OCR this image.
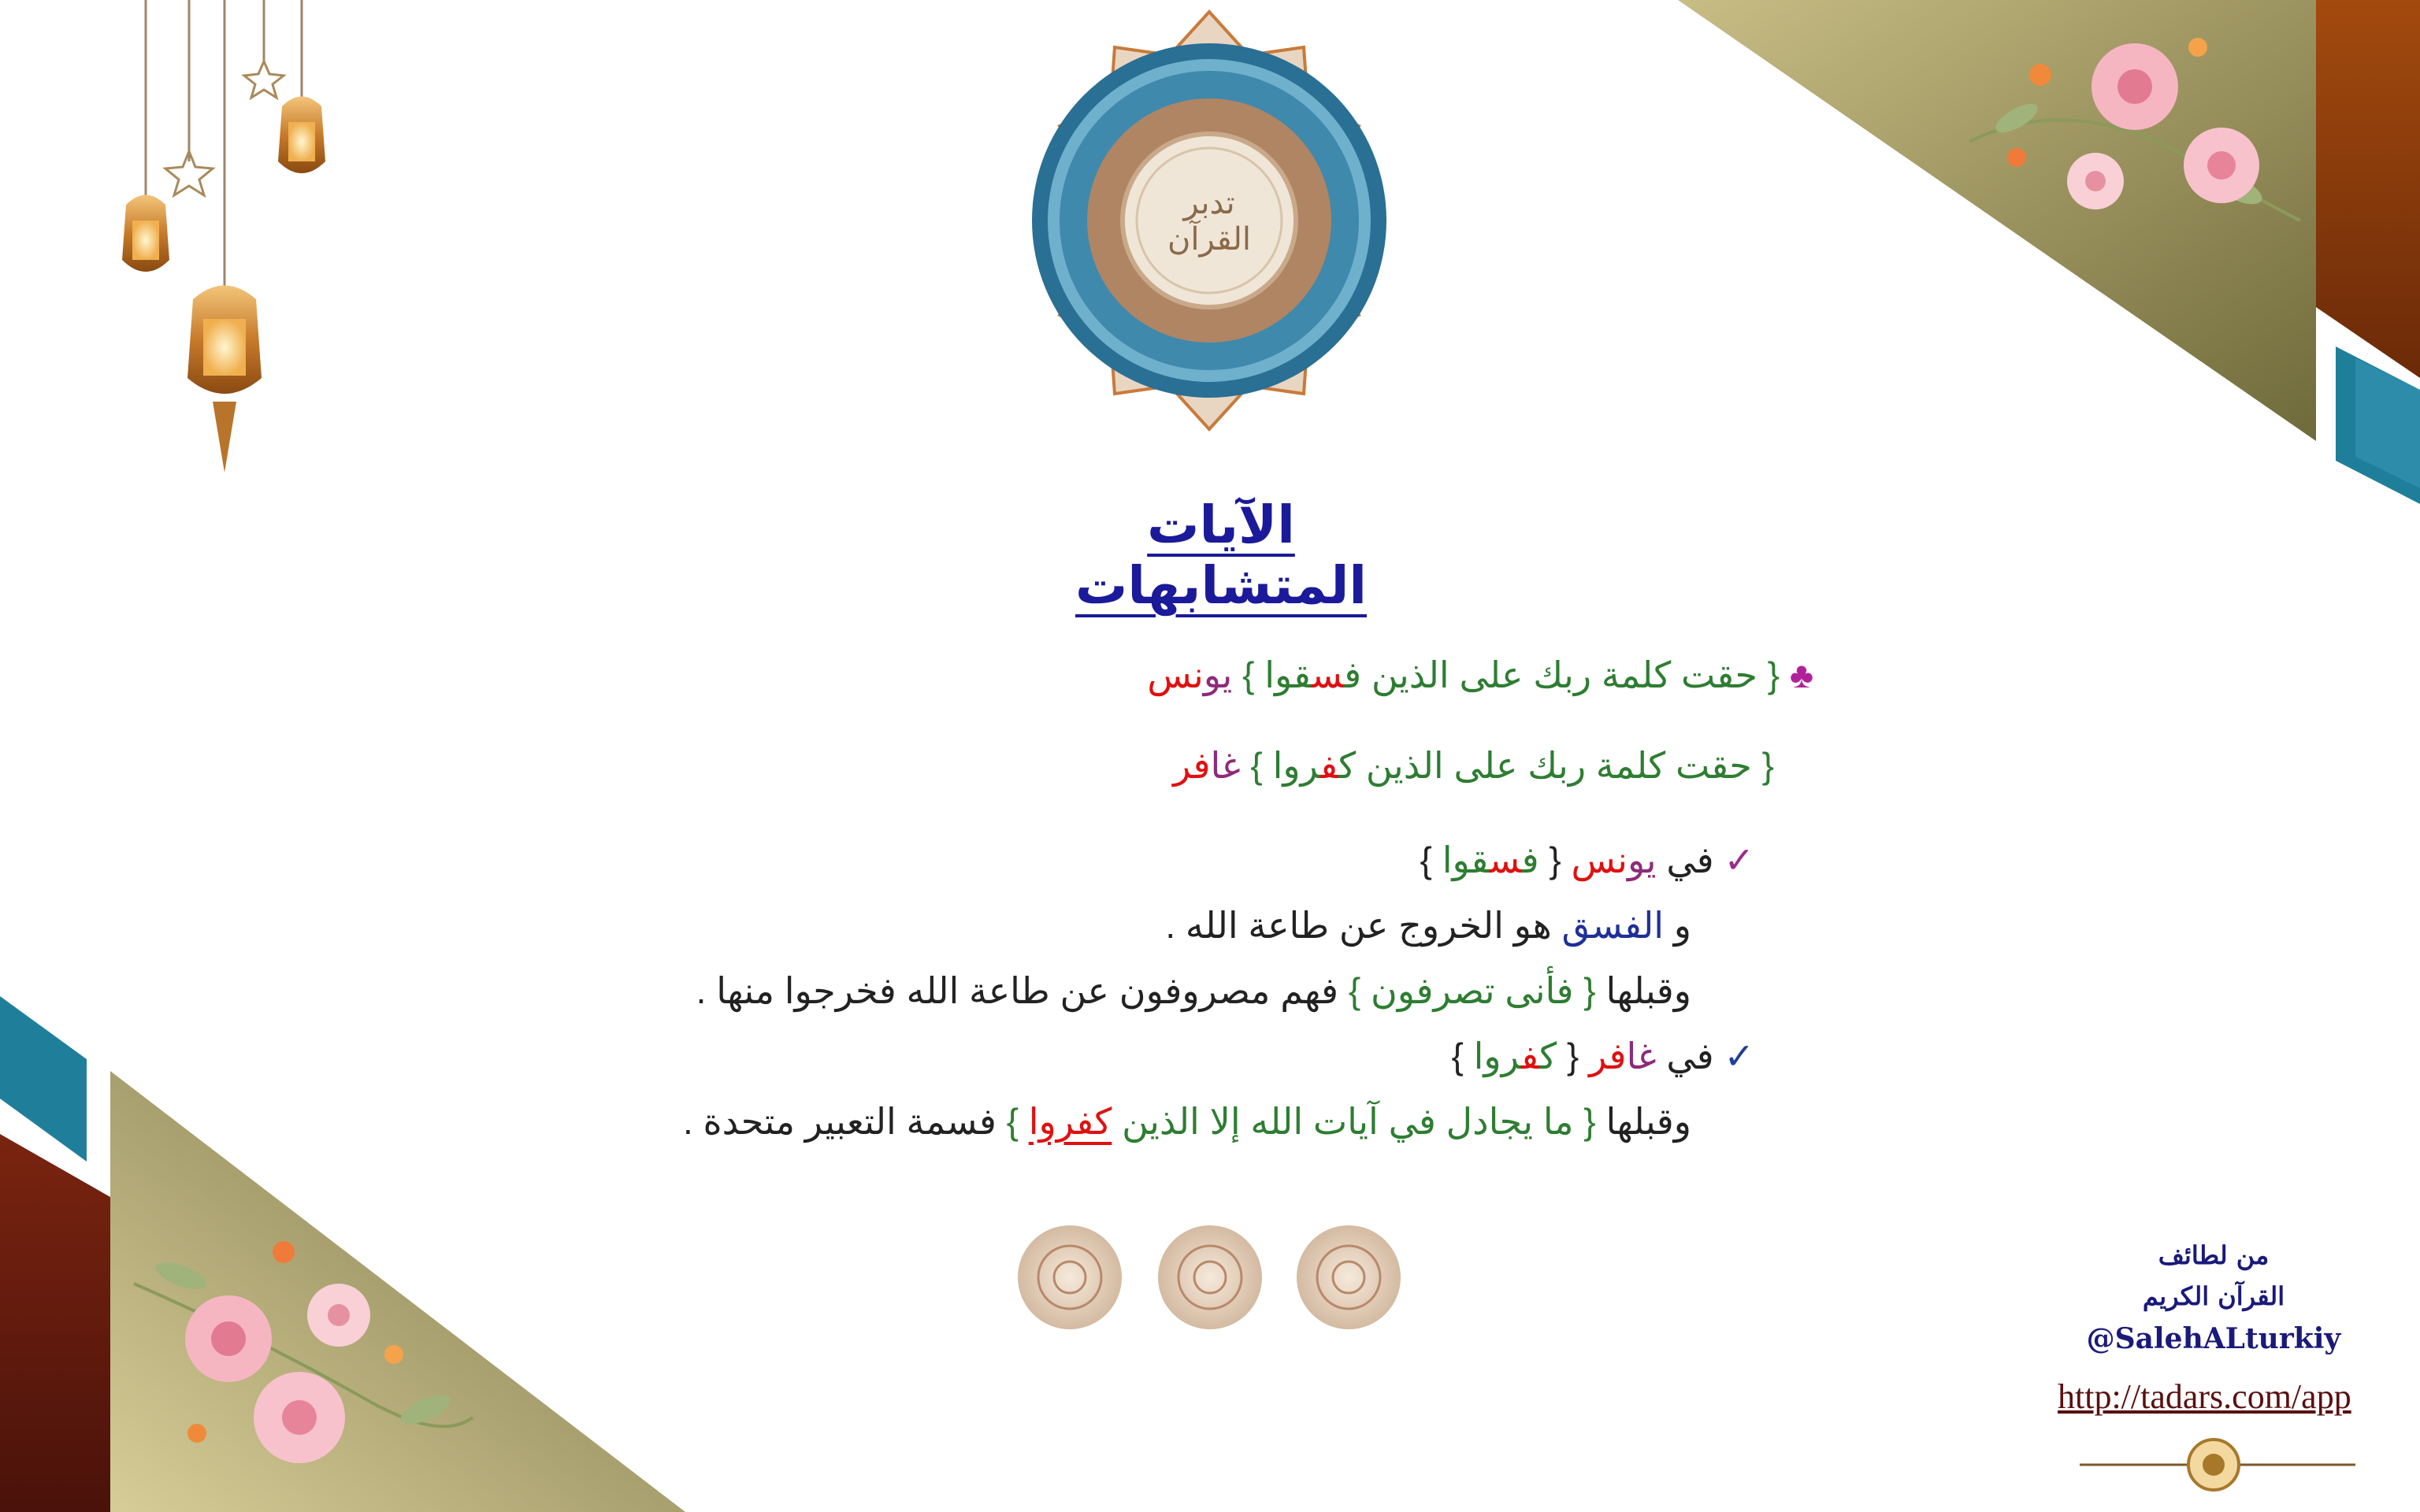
تدبر القرآن
الآيات المتشابهات
♣ { حقت كلمة ربك على الذين فسقوا } يونس
{ حقت كلمة ربك على الذين كفروا } غافر
✓ في يونس { فسقوا }
و الفسق هو الخروج عن طاعة الله .
وقبلها { فأنى تصرفون } فهم مصروفون عن طاعة الله فخرجوا منها .
✓ في غافر { كفروا }
وقبلها { ما يجادل في آيات الله إلا الذين كفروا } فسمة التعبير متحدة .
من لطائف
القرآن الكريم
@SalehALturkiy
http://tadars.com/app
